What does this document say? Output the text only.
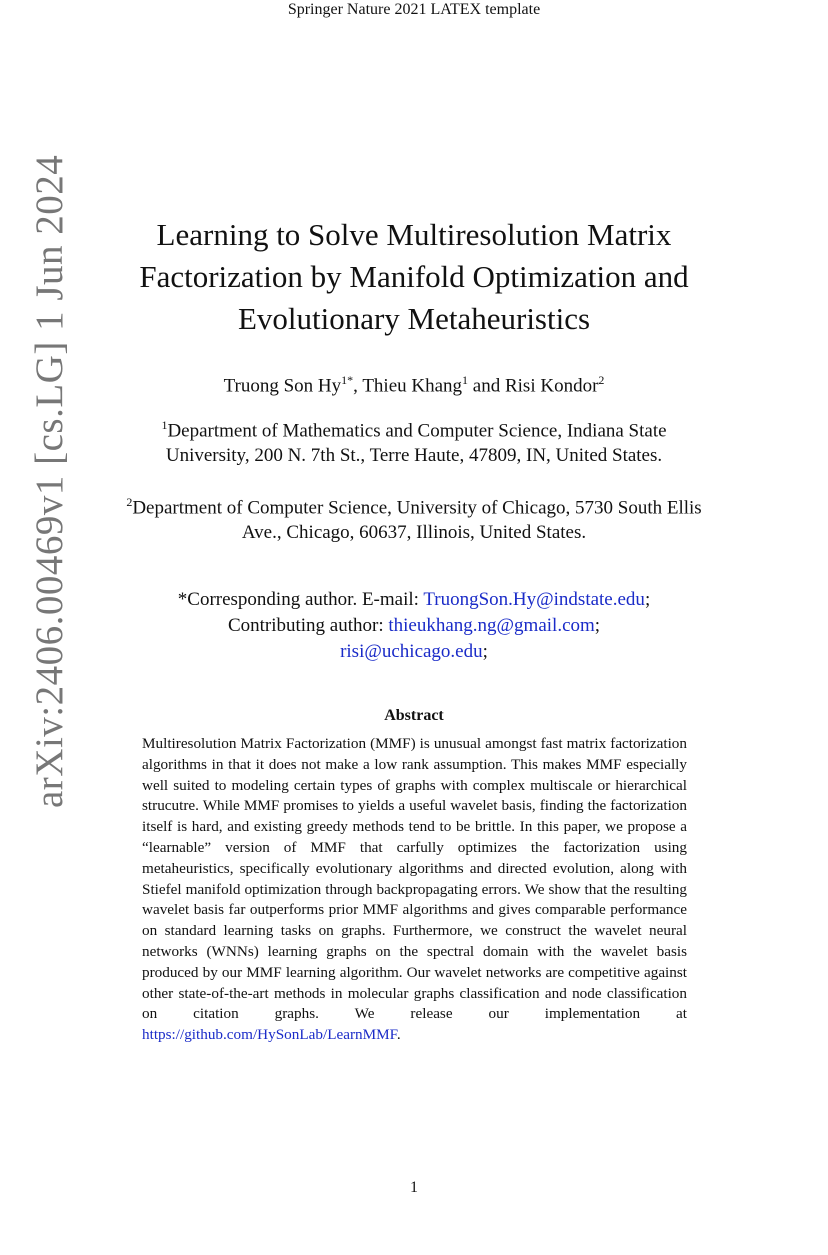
Springer Nature 2021 LATEX template
arXiv:2406.00469v1 [cs.LG] 1 Jun 2024	Learning to Solve Multiresolution Matrix Factorization by Manifold Optimization and Evolutionary Metaheuristics
Truong Son $Hy^{1*}$, Thieu Khang$^1$ and Risi Kondor$^2$
$^1$Department of Mathematics and Computer Science, Indiana State University, 200 N. 7th St., Terre Haute, 47809, IN, United States.
$^2$Department of Computer Science, University of Chicago, 5730 South Ellis Ave., Chicago, 60637, Illinois, United States.
*Corresponding author. E-mail: TruongSon.Hy@indstate.edu;
Contributing author: thieukhang.ng@gmail.com;
risi@uchicago.edu;
Abstract
Multiresolution Matrix Factorization (MMF) is unusual amongst fast matrix factorization algorithms in that it does not make a low rank assumption. This makes MMF especially well suited to modeling certain types of graphs with complex multiscale or hierarchical strucutre. While MMF promises to yields a useful wavelet basis, finding the factorization itself is hard, and existing greedy methods tend to be brittle. In this paper, we propose a “learnable” version of MMF that carfully optimizes the factorization using metaheuristics, specifically evolutionary algorithms and directed evolution, along with Stiefel manifold optimization through backpropagating errors. We show that the resulting wavelet basis far outperforms prior MMF algorithms and gives comparable performance on standard learning tasks on graphs. Furthermore, we construct the wavelet neural networks (WNNs) learning graphs on the spectral domain with the wavelet basis produced by our MMF learning algorithm. Our wavelet networks are competitive against other state-of-the-art methods in molecular graphs classification and node classification on citation graphs. We release our implementation at https://github.com/HySonLab/LearnMMF.
1
